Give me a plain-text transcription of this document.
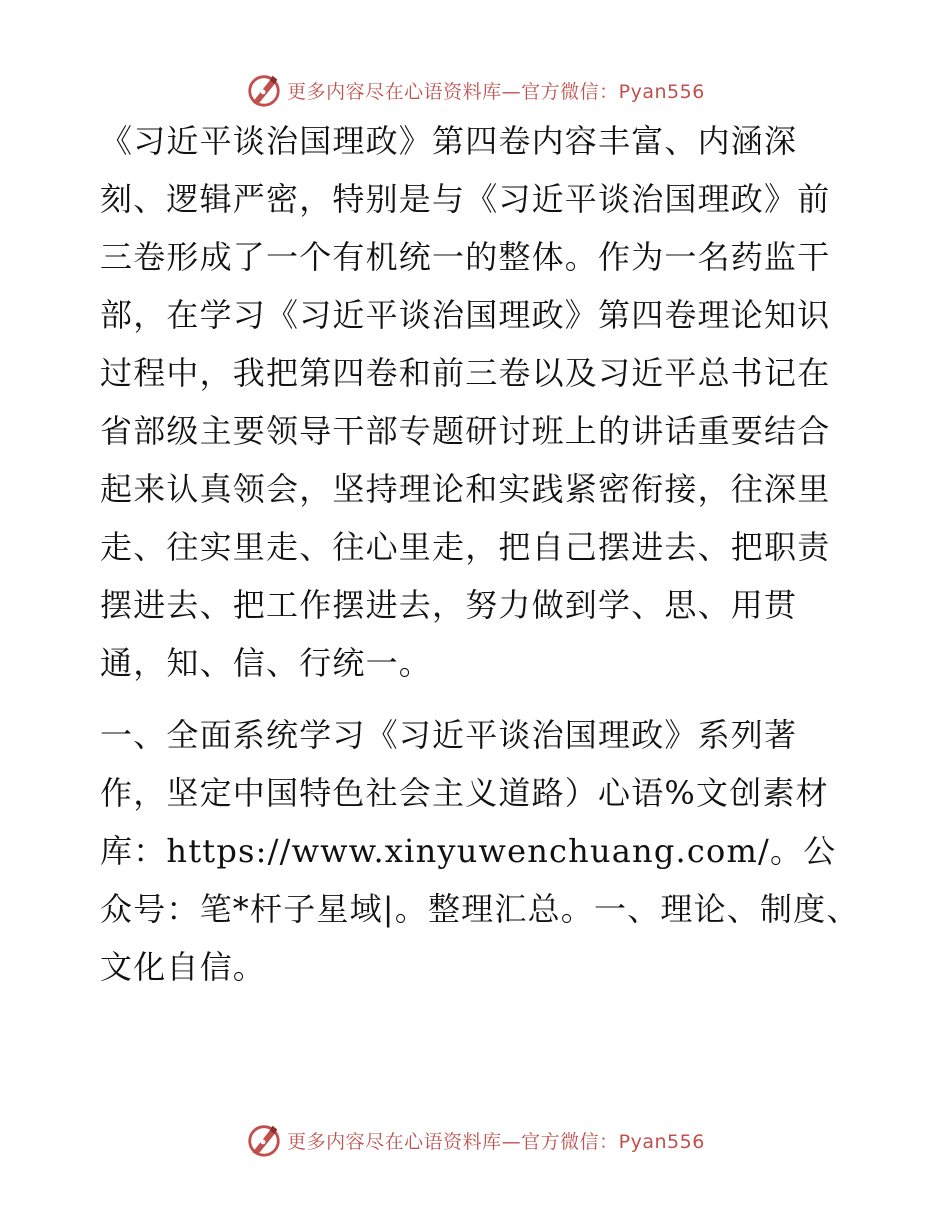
更多内容尽在心语资料库—官方微信：Pyan556

《习近平谈治国理政》第四卷内容丰富、内涵深刻、逻辑严密，特别是与《习近平谈治国理政》前三卷形成了一个有机统一的整体。作为一名药监干部，在学习《习近平谈治国理政》第四卷理论知识过程中，我把第四卷和前三卷以及习近平总书记在省部级主要领导干部专题研讨班上的讲话重要结合起来认真领会，坚持理论和实践紧密衔接，往深里走、往实里走、往心里走，把自己摆进去、把职责摆进去、把工作摆进去，努力做到学、思、用贯通，知、信、行统一。

一、全面系统学习《习近平谈治国理政》系列著作，坚定中国特色社会主义道路）心语%文创素材库：https://www.xinyuwenchuang.com/。公众号：笔*杆子星域|。整理汇总。一、理论、制度、文化自信。

更多内容尽在心语资料库—官方微信：Pyan556
